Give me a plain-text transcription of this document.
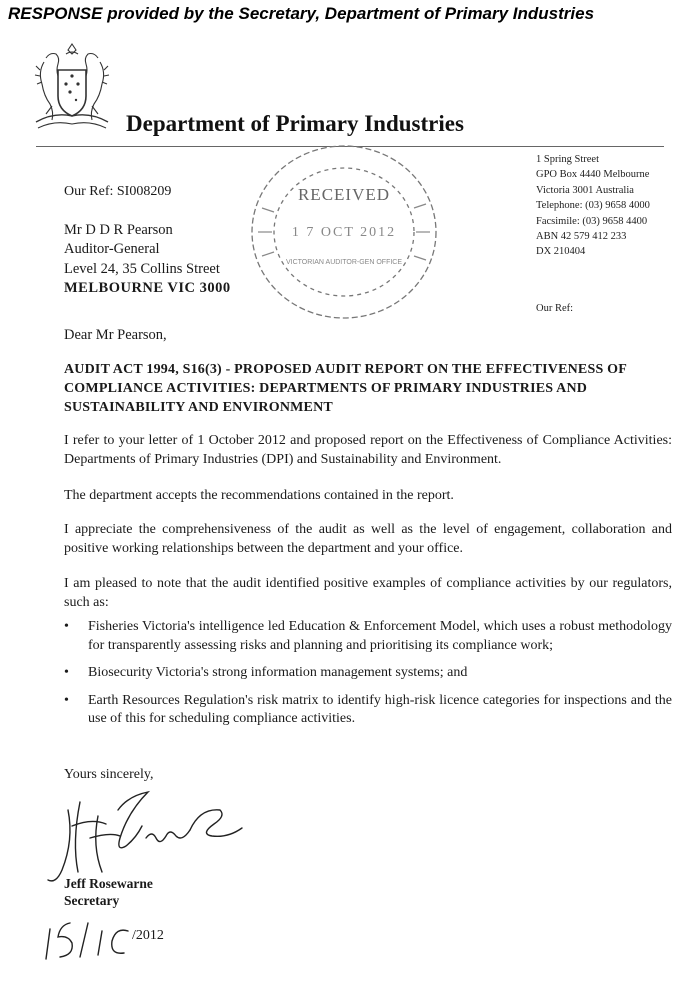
RESPONSE provided by the Secretary, Department of Primary Industries
Department of Primary Industries
1 Spring Street
GPO Box 4440 Melbourne
Victoria 3001 Australia
Telephone: (03) 9658 4000
Facsimile: (03) 9658 4400
ABN 42 579 412 233
DX 210404
Our Ref:
Our Ref: SI008209
Mr D D R Pearson
Auditor-General
Level 24, 35 Collins Street
MELBOURNE VIC 3000
RECEIVED
1 7 OCT 2012
VICTORIAN AUDITOR-GEN OFFICE
Dear Mr Pearson,
AUDIT ACT 1994, S16(3) - PROPOSED AUDIT REPORT ON THE EFFECTIVENESS OF COMPLIANCE ACTIVITIES: DEPARTMENTS OF PRIMARY INDUSTRIES AND SUSTAINABILITY AND ENVIRONMENT
I refer to your letter of 1 October 2012 and proposed report on the Effectiveness of Compliance Activities: Departments of Primary Industries (DPI) and Sustainability and Environment.
The department accepts the recommendations contained in the report.
I appreciate the comprehensiveness of the audit as well as the level of engagement, collaboration and positive working relationships between the department and your office.
I am pleased to note that the audit identified positive examples of compliance activities by our regulators, such as:
• Fisheries Victoria's intelligence led Education & Enforcement Model, which uses a robust methodology for transparently assessing risks and planning and prioritising its compliance work;
• Biosecurity Victoria's strong information management systems; and
• Earth Resources Regulation's risk matrix to identify high-risk licence categories for inspections and the use of this for scheduling compliance activities.
Yours sincerely,
Jeff Rosewarne
Secretary
/2012
